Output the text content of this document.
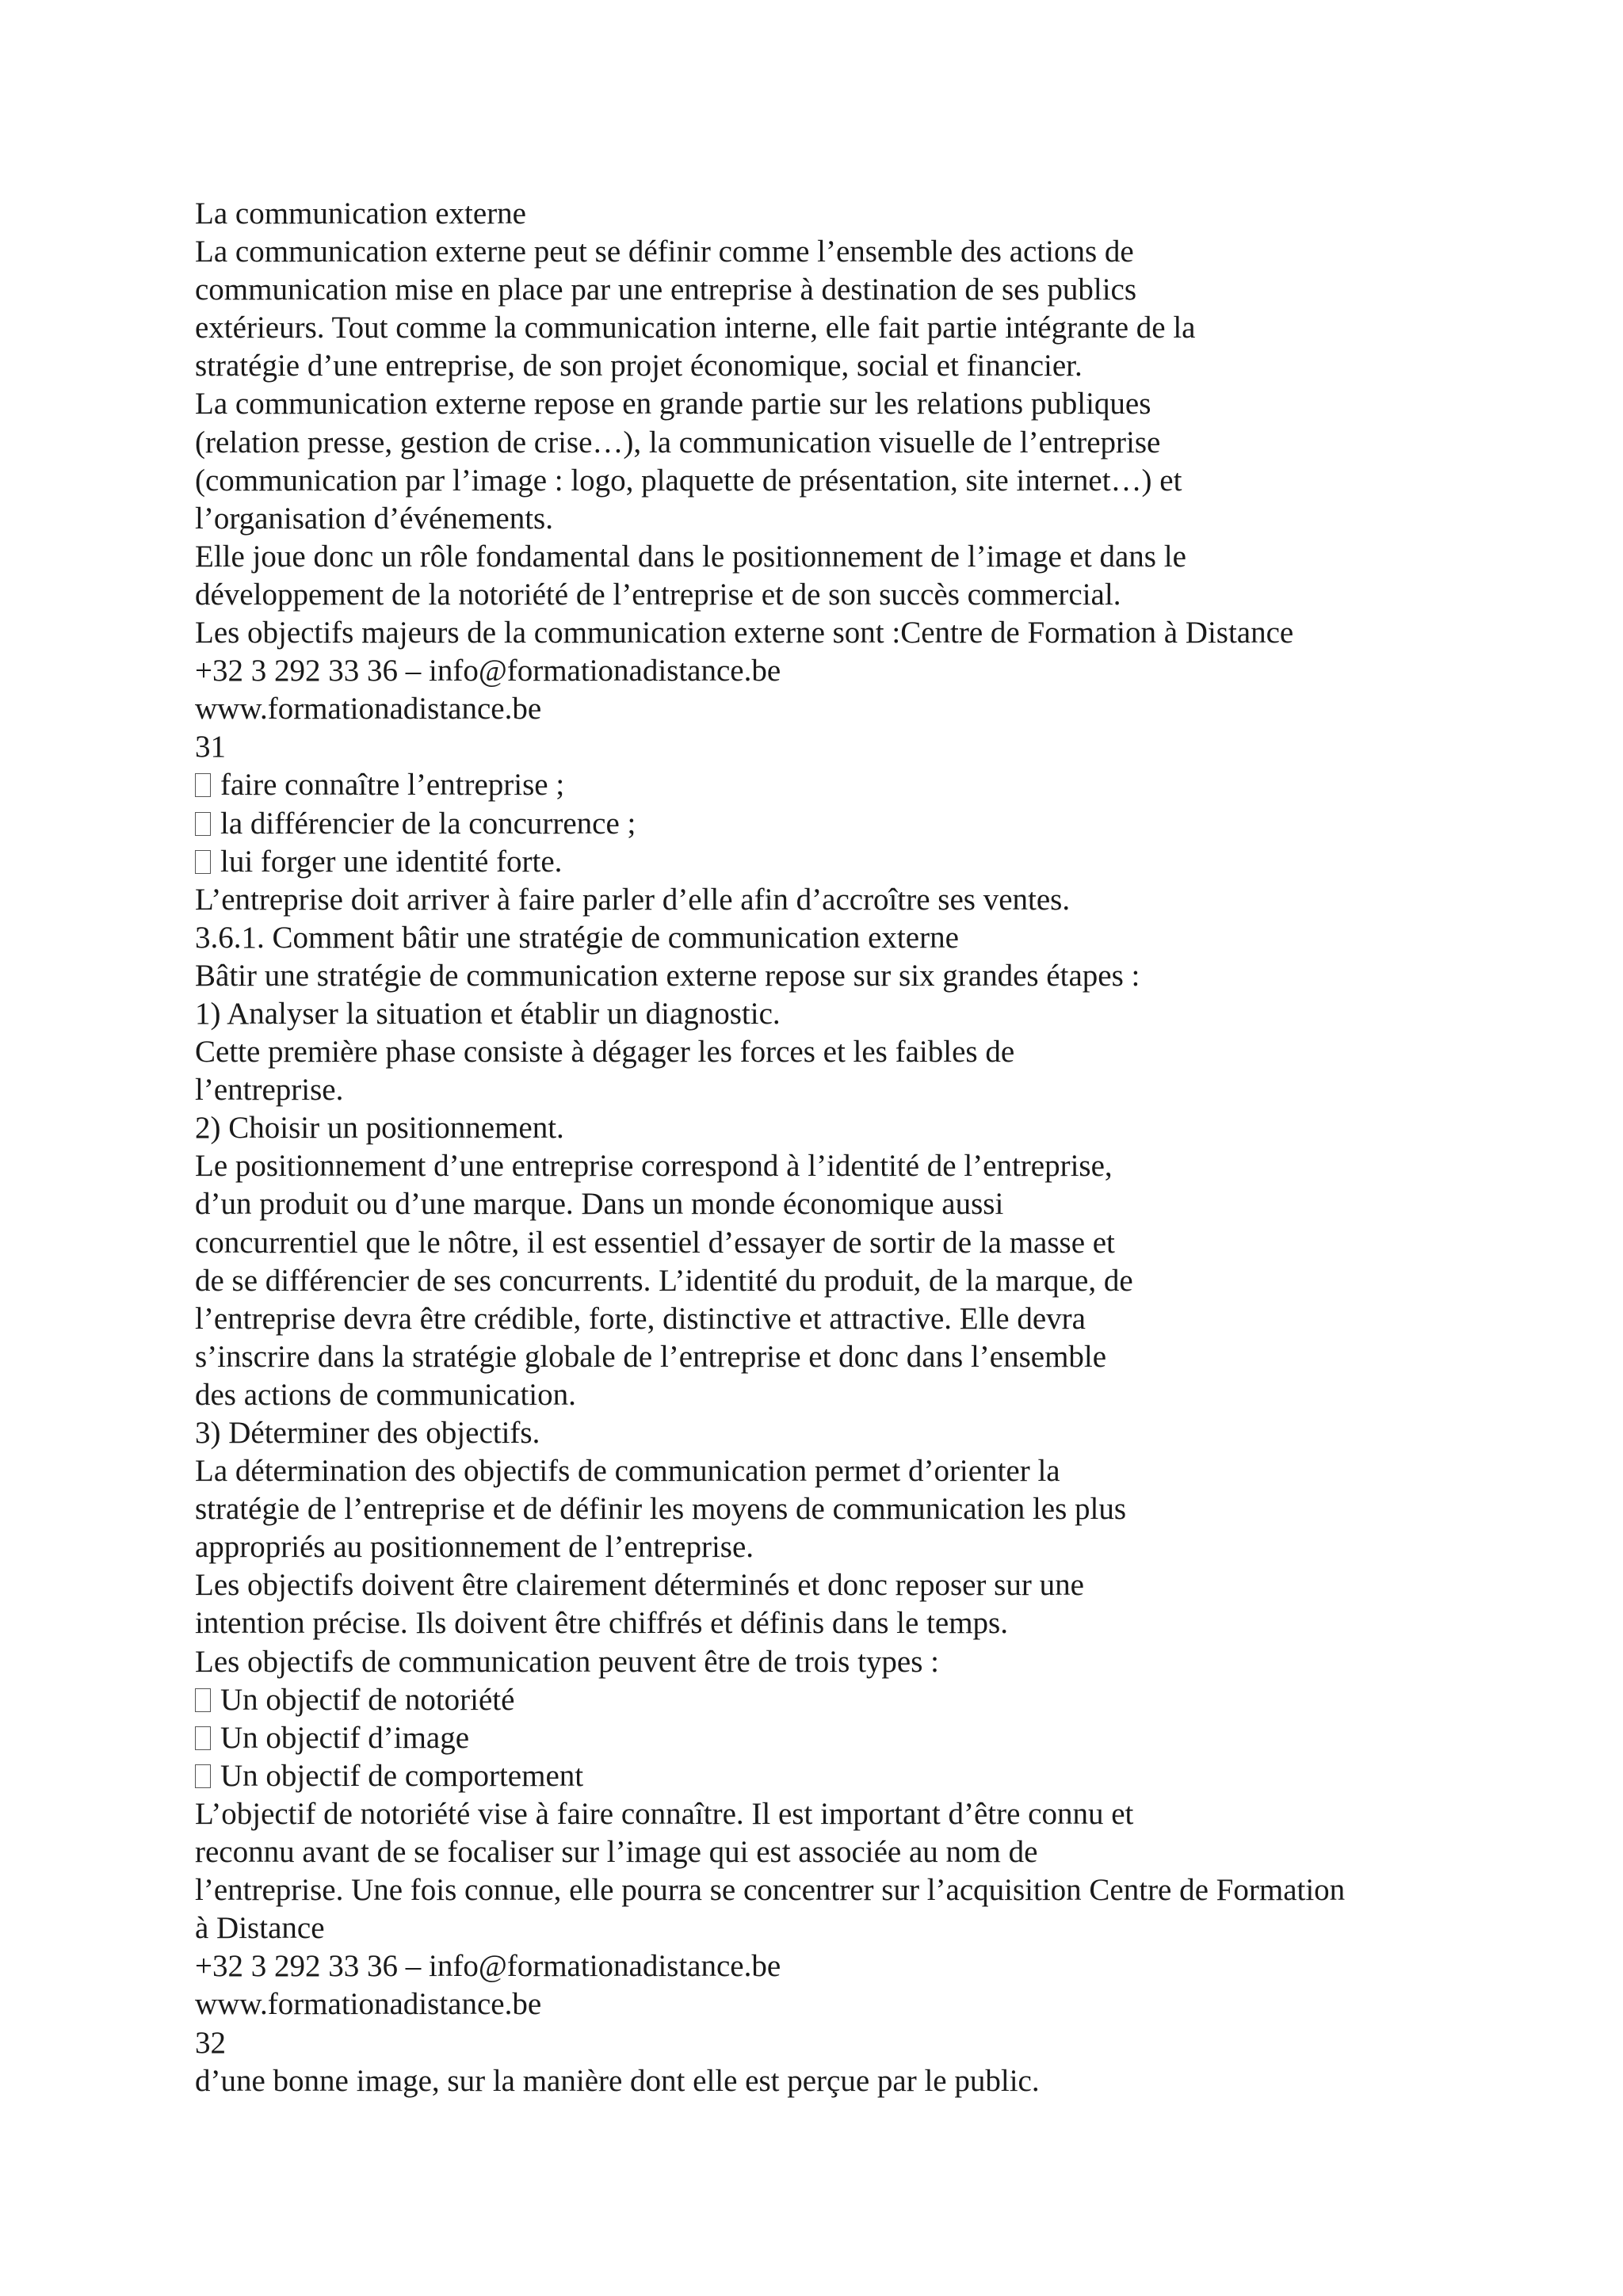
La communication externe
La communication externe peut se définir comme l’ensemble des actions de
communication mise en place par une entreprise à destination de ses publics
extérieurs. Tout comme la communication interne, elle fait partie intégrante de la
stratégie d’une entreprise, de son projet économique, social et financier.
La communication externe repose en grande partie sur les relations publiques
(relation presse, gestion de crise…), la communication visuelle de l’entreprise
(communication par l’image : logo, plaquette de présentation, site internet…) et
l’organisation d’événements.
Elle joue donc un rôle fondamental dans le positionnement de l’image et dans le
développement de la notoriété de l’entreprise et de son succès commercial.
Les objectifs majeurs de la communication externe sont :Centre de Formation à Distance
+32 3 292 33 36 – info@formationadistance.be
www.formationadistance.be
31
faire connaître l’entreprise ;
la différencier de la concurrence ;
lui forger une identité forte.
L’entreprise doit arriver à faire parler d’elle afin d’accroître ses ventes.
3.6.1. Comment bâtir une stratégie de communication externe
Bâtir une stratégie de communication externe repose sur six grandes étapes :
1) Analyser la situation et établir un diagnostic.
Cette première phase consiste à dégager les forces et les faibles de
l’entreprise.
2) Choisir un positionnement.
Le positionnement d’une entreprise correspond à l’identité de l’entreprise,
d’un produit ou d’une marque. Dans un monde économique aussi
concurrentiel que le nôtre, il est essentiel d’essayer de sortir de la masse et
de se différencier de ses concurrents. L’identité du produit, de la marque, de
l’entreprise devra être crédible, forte, distinctive et attractive. Elle devra
s’inscrire dans la stratégie globale de l’entreprise et donc dans l’ensemble
des actions de communication.
3) Déterminer des objectifs.
La détermination des objectifs de communication permet d’orienter la
stratégie de l’entreprise et de définir les moyens de communication les plus
appropriés au positionnement de l’entreprise.
Les objectifs doivent être clairement déterminés et donc reposer sur une
intention précise. Ils doivent être chiffrés et définis dans le temps.
Les objectifs de communication peuvent être de trois types :
Un objectif de notoriété
Un objectif d’image
Un objectif de comportement
L’objectif de notoriété vise à faire connaître. Il est important d’être connu et
reconnu avant de se focaliser sur l’image qui est associée au nom de
l’entreprise. Une fois connue, elle pourra se concentrer sur l’acquisition Centre de Formation
à Distance
+32 3 292 33 36 – info@formationadistance.be
www.formationadistance.be
32
d’une bonne image, sur la manière dont elle est perçue par le public.
